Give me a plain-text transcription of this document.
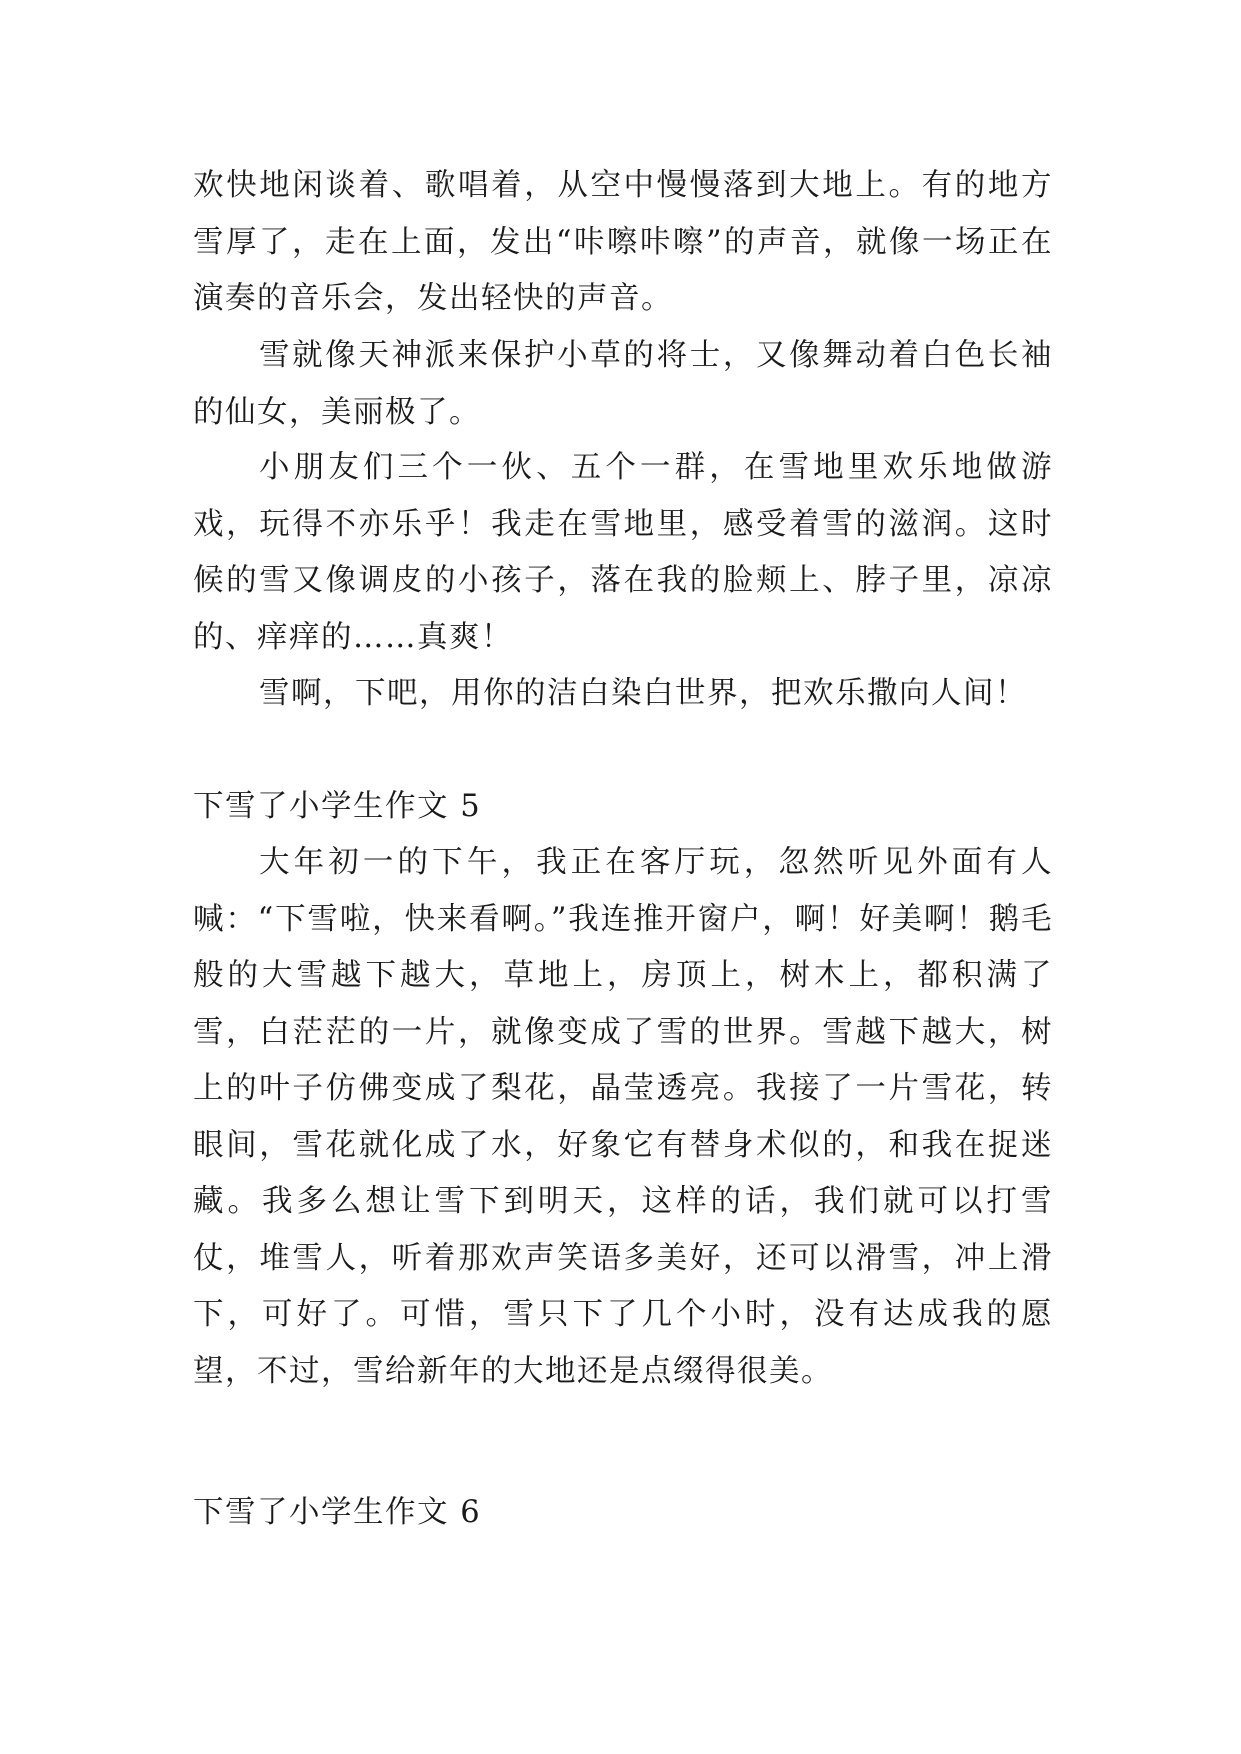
欢快地闲谈着、歌唱着，从空中慢慢落到大地上。有的地方雪厚了，走在上面，发出“咔嚓咔嚓”的声音，就像一场正在演奏的音乐会，发出轻快的声音。
雪就像天神派来保护小草的将士，又像舞动着白色长袖的仙女，美丽极了。
小朋友们三个一伙、五个一群，在雪地里欢乐地做游戏，玩得不亦乐乎！我走在雪地里，感受着雪的滋润。这时候的雪又像调皮的小孩子，落在我的脸颊上、脖子里，凉凉的、痒痒的……真爽！
雪啊，下吧，用你的洁白染白世界，把欢乐撒向人间！
下雪了小学生作文 5
大年初一的下午，我正在客厅玩，忽然听见外面有人喊：“下雪啦，快来看啊。”我连推开窗户，啊！好美啊！鹅毛般的大雪越下越大，草地上，房顶上，树木上，都积满了雪，白茫茫的一片，就像变成了雪的世界。雪越下越大，树上的叶子仿佛变成了梨花，晶莹透亮。我接了一片雪花，转眼间，雪花就化成了水，好象它有替身术似的，和我在捉迷藏。我多么想让雪下到明天，这样的话，我们就可以打雪仗，堆雪人，听着那欢声笑语多美好，还可以滑雪，冲上滑下，可好了。可惜，雪只下了几个小时，没有达成我的愿望，不过，雪给新年的大地还是点缀得很美。
下雪了小学生作文 6
